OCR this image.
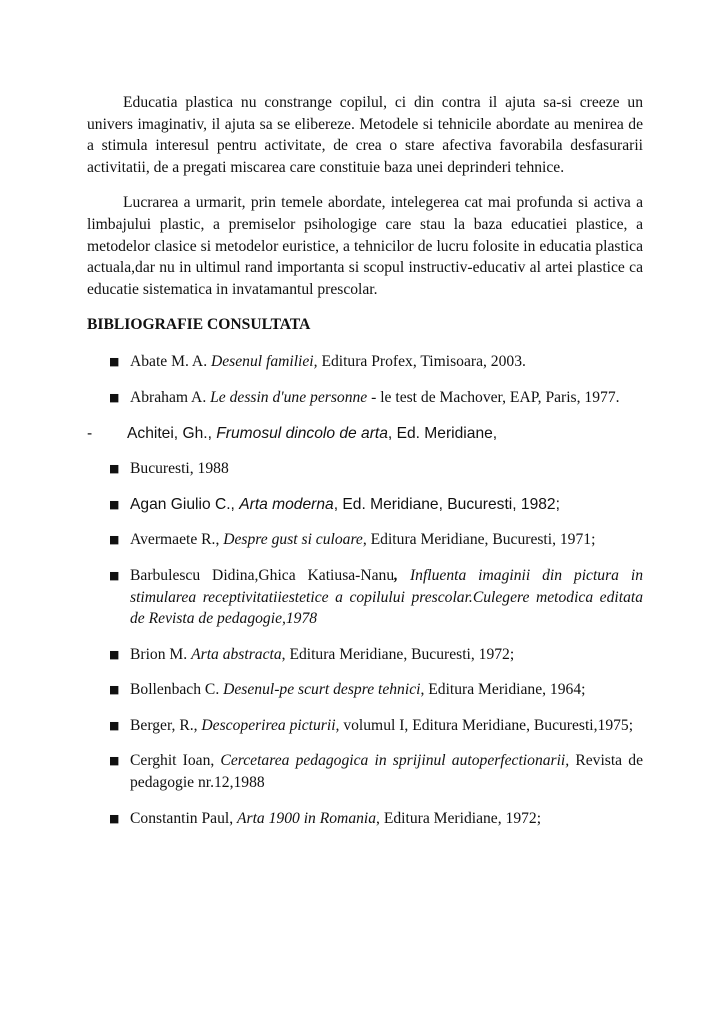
Educatia plastica nu constrange copilul, ci din contra il ajuta sa-si creeze un univers imaginativ, il ajuta sa se elibereze. Metodele si tehnicile abordate au menirea de a stimula interesul pentru activitate, de crea o stare afectiva favorabila desfasurarii activitatii, de a pregati miscarea care constituie baza unei deprinderi tehnice.

Lucrarea a urmarit, prin temele abordate, intelegerea cat mai profunda si activa a limbajului plastic, a premiselor psihologige care stau la baza educatiei plastice, a metodelor clasice si metodelor euristice, a tehnicilor de lucru folosite in educatia plastica actuala,dar nu in ultimul rand importanta si scopul instructiv-educativ al artei plastice ca educatie sistematica in invatamantul prescolar.

BIBLIOGRAFIE CONSULTATA
■ Abate M. A. Desenul familiei, Editura Profex, Timisoara, 2003.
■ Abraham A. Le dessin d'une personne - le test de Machover, EAP, Paris, 1977.
- Achitei, Gh., Frumosul dincolo de arta, Ed. Meridiane,
■ Bucuresti, 1988
■ Agan Giulio C., Arta moderna, Ed. Meridiane, Bucuresti, 1982;
■ Avermaete R., Despre gust si culoare, Editura Meridiane, Bucuresti, 1971;
■ Barbulescu Didina,Ghica Katiusa-Nanu, Influenta imaginii din pictura in stimularea receptivitatiiestetice a copilului prescolar.Culegere metodica editata de Revista de pedagogie,1978
■ Brion M. Arta abstracta, Editura Meridiane, Bucuresti, 1972;
■ Bollenbach C. Desenul-pe scurt despre tehnici, Editura Meridiane, 1964;
■ Berger, R., Descoperirea picturii, volumul I, Editura Meridiane, Bucuresti,1975;
■ Cerghit Ioan, Cercetarea pedagogica in sprijinul autoperfectionarii, Revista de pedagogie nr.12,1988
■ Constantin Paul, Arta 1900 in Romania, Editura Meridiane, 1972;
